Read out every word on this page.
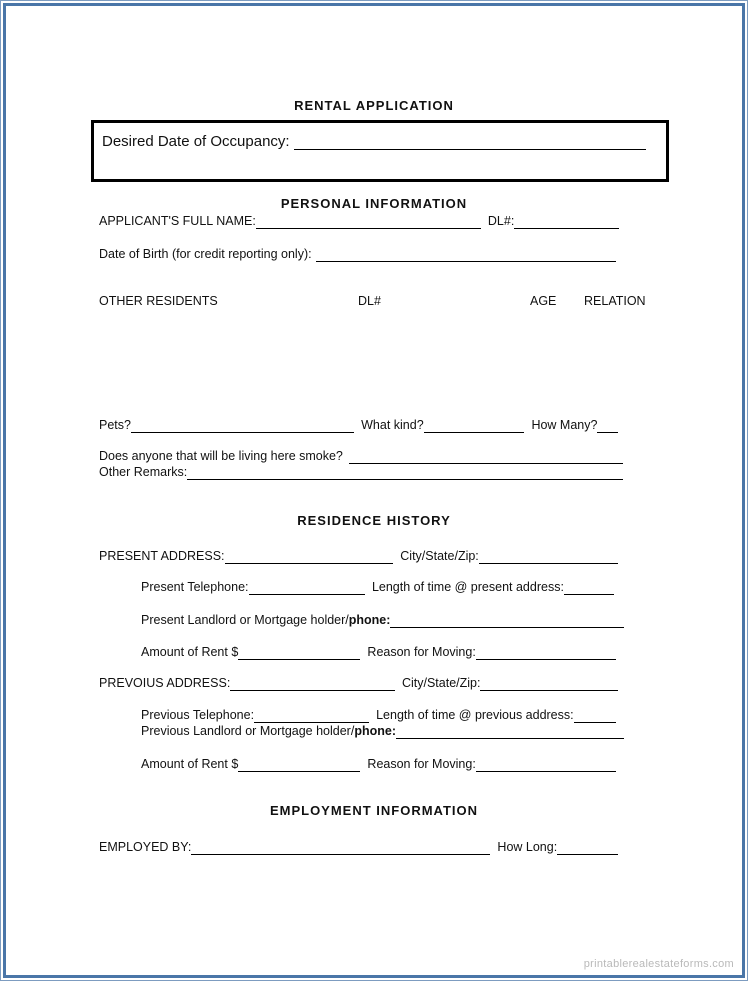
RENTAL APPLICATION
Desired Date of Occupancy:
PERSONAL INFORMATION
APPLICANT'S FULL NAME:	DL#:
Date of Birth (for credit reporting only):
OTHER RESIDENTS	DL#	AGE RELATION
Pets?	What kind?	How Many?
Does anyone that will be living here smoke?
Other Remarks:
RESIDENCE HISTORY
PRESENT ADDRESS:	City/State/Zip:
Present Telephone:	Length of time @ present address:
Present Landlord or Mortgage holder/ phone:
Amount of Rent $	Reason for Moving:
PREVOIUS ADDRESS:	City/State/Zip:
Previous Telephone:	Length of time @ previous address:
Previous Landlord or Mortgage holder/ phone:
Amount of Rent $	Reason for Moving:
EMPLOYMENT INFORMATION
EMPLOYED BY:	How Long:
printablerealestateforms.com
